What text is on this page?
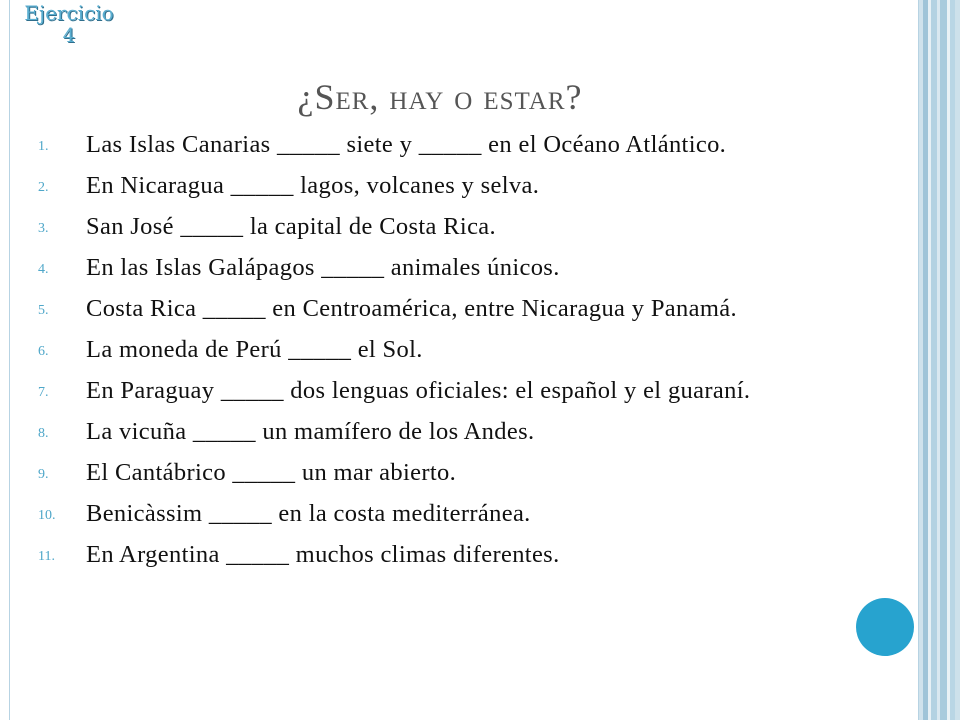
Ejercicio
4
¿Ser, hay o estar?
1.	Las Islas Canarias _____ siete y _____ en el Océano Atlántico.
2.	En Nicaragua _____ lagos, volcanes y selva.
3.	San José _____ la capital de Costa Rica.
4.	En las Islas Galápagos _____ animales únicos.
5.	Costa Rica _____ en Centroamérica, entre Nicaragua y Panamá.
6.	La moneda de Perú _____ el Sol.
7.	En Paraguay _____ dos lenguas oficiales: el español y el guaraní.
8.	La vicuña _____ un mamífero de los Andes.
9.	El Cantábrico _____ un mar abierto.
10.	Benicàssim _____ en la costa mediterránea.
11.	En Argentina _____ muchos climas diferentes.
